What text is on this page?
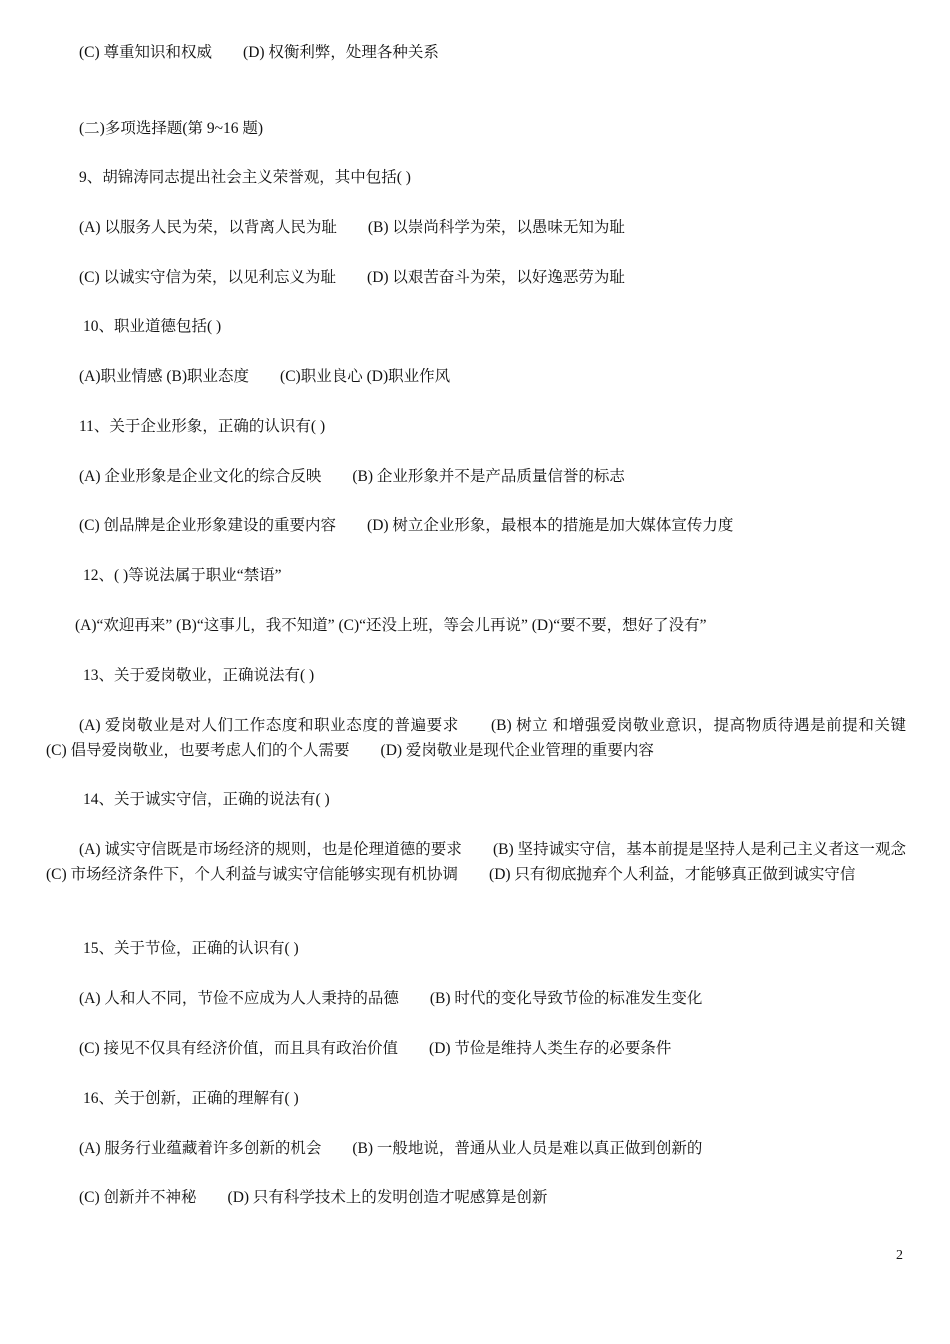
(C) 尊重知识和权威　　(D) 权衡利弊，处理各种关系
(二)多项选择题(第 9~16 题)
9、胡锦涛同志提出社会主义荣誉观，其中包括( )
(A) 以服务人民为荣，以背离人民为耻　　(B) 以崇尚科学为荣，以愚味无知为耻
(C) 以诚实守信为荣，以见利忘义为耻　　(D) 以艰苦奋斗为荣，以好逸恶劳为耻
10、职业道德包括( )
(A)职业情感 (B)职业态度　　(C)职业良心 (D)职业作风
11、关于企业形象，正确的认识有( )
(A) 企业形象是企业文化的综合反映　　(B) 企业形象并不是产品质量信誉的标志
(C) 创品牌是企业形象建设的重要内容　　(D) 树立企业形象，最根本的措施是加大媒体宣传力度
12、( )等说法属于职业“禁语”
(A)“欢迎再来” (B)“这事儿，我不知道” (C)“还没上班，等会儿再说” (D)“要不要，想好了没有”
13、关于爱岗敬业，正确说法有( )
(A) 爱岗敬业是对人们工作态度和职业态度的普遍要求　　(B) 树立 和增强爱岗敬业意识，提高物质待遇是前提和关键　　(C) 倡导爱岗敬业，也要考虑人们的个人需要　　(D) 爱岗敬业是现代企业管理的重要内容
14、关于诚实守信，正确的说法有( )
(A) 诚实守信既是市场经济的规则，也是伦理道德的要求　　(B) 坚持诚实守信，基本前提是坚持人是利己主义者这一观念　　(C) 市场经济条件下，个人利益与诚实守信能够实现有机协调　　(D) 只有彻底抛弃个人利益，才能够真正做到诚实守信
15、关于节俭，正确的认识有( )
(A) 人和人不同，节俭不应成为人人秉持的品德　　(B) 时代的变化导致节俭的标准发生变化
(C) 接见不仅具有经济价值，而且具有政治价值　　(D) 节俭是维持人类生存的必要条件
16、关于创新，正确的理解有( )
(A) 服务行业蕴藏着许多创新的机会　　(B) 一般地说，普通从业人员是难以真正做到创新的
(C) 创新并不神秘　　(D) 只有科学技术上的发明创造才呢感算是创新
2
